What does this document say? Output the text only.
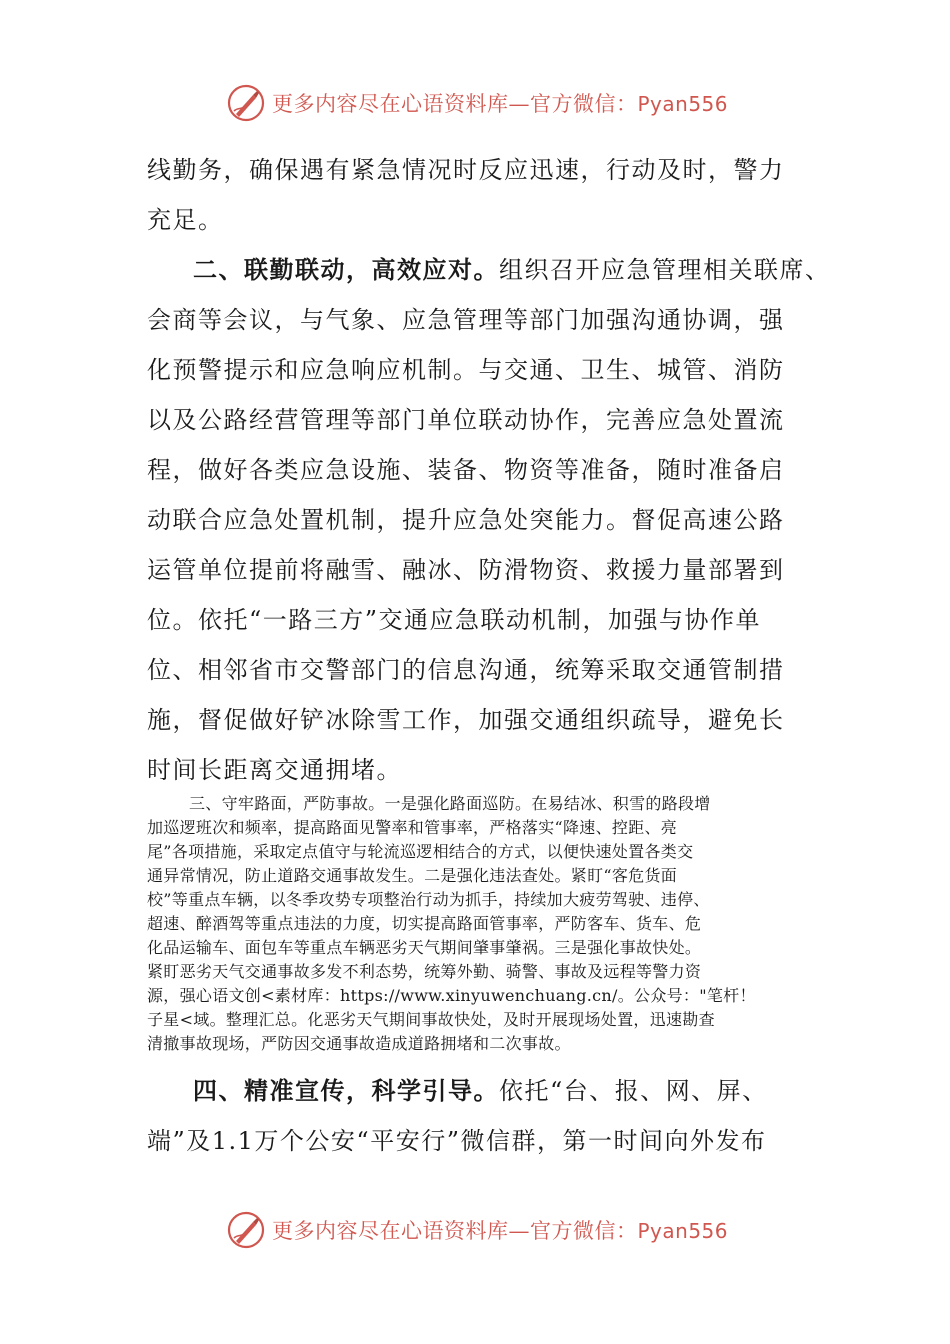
更多内容尽在心语资料库—官方微信：Pyan556
线勤务，确保遇有紧急情况时反应迅速，行动及时，警力
充足。
二、联勤联动，高效应对。组织召开应急管理相关联席、
会商等会议，与气象、应急管理等部门加强沟通协调，强
化预警提示和应急响应机制。与交通、卫生、城管、消防
以及公路经营管理等部门单位联动协作，完善应急处置流
程，做好各类应急设施、装备、物资等准备，随时准备启
动联合应急处置机制，提升应急处突能力。督促高速公路
运管单位提前将融雪、融冰、防滑物资、救援力量部署到
位。依托“一路三方”交通应急联动机制，加强与协作单
位、相邻省市交警部门的信息沟通，统筹采取交通管制措
施，督促做好铲冰除雪工作，加强交通组织疏导，避免长
时间长距离交通拥堵。
三、守牢路面，严防事故。一是强化路面巡防。在易结冰、积雪的路段增
加巡逻班次和频率，提高路面见警率和管事率，严格落实“降速、控距、亮
尾”各项措施，采取定点值守与轮流巡逻相结合的方式，以便快速处置各类交
通异常情况，防止道路交通事故发生。二是强化违法查处。紧盯“客危货面
校”等重点车辆，以冬季攻势专项整治行动为抓手，持续加大疲劳驾驶、违停、
超速、醉酒驾等重点违法的力度，切实提高路面管事率，严防客车、货车、危
化品运输车、面包车等重点车辆恶劣天气期间肇事肇祸。三是强化事故快处。
紧盯恶劣天气交通事故多发不利态势，统筹外勤、骑警、事故及远程等警力资
源，强心语文创<素材库：https://www.xinyuwenchuang.cn/。公众号："笔杆！
子星<域。整理汇总。化恶劣天气期间事故快处，及时开展现场处置，迅速勘查
清撤事故现场，严防因交通事故造成道路拥堵和二次事故。
四、精准宣传，科学引导。依托“台、报、网、屏、
端”及1.1万个公安“平安行”微信群，第一时间向外发布
更多内容尽在心语资料库—官方微信：Pyan556
